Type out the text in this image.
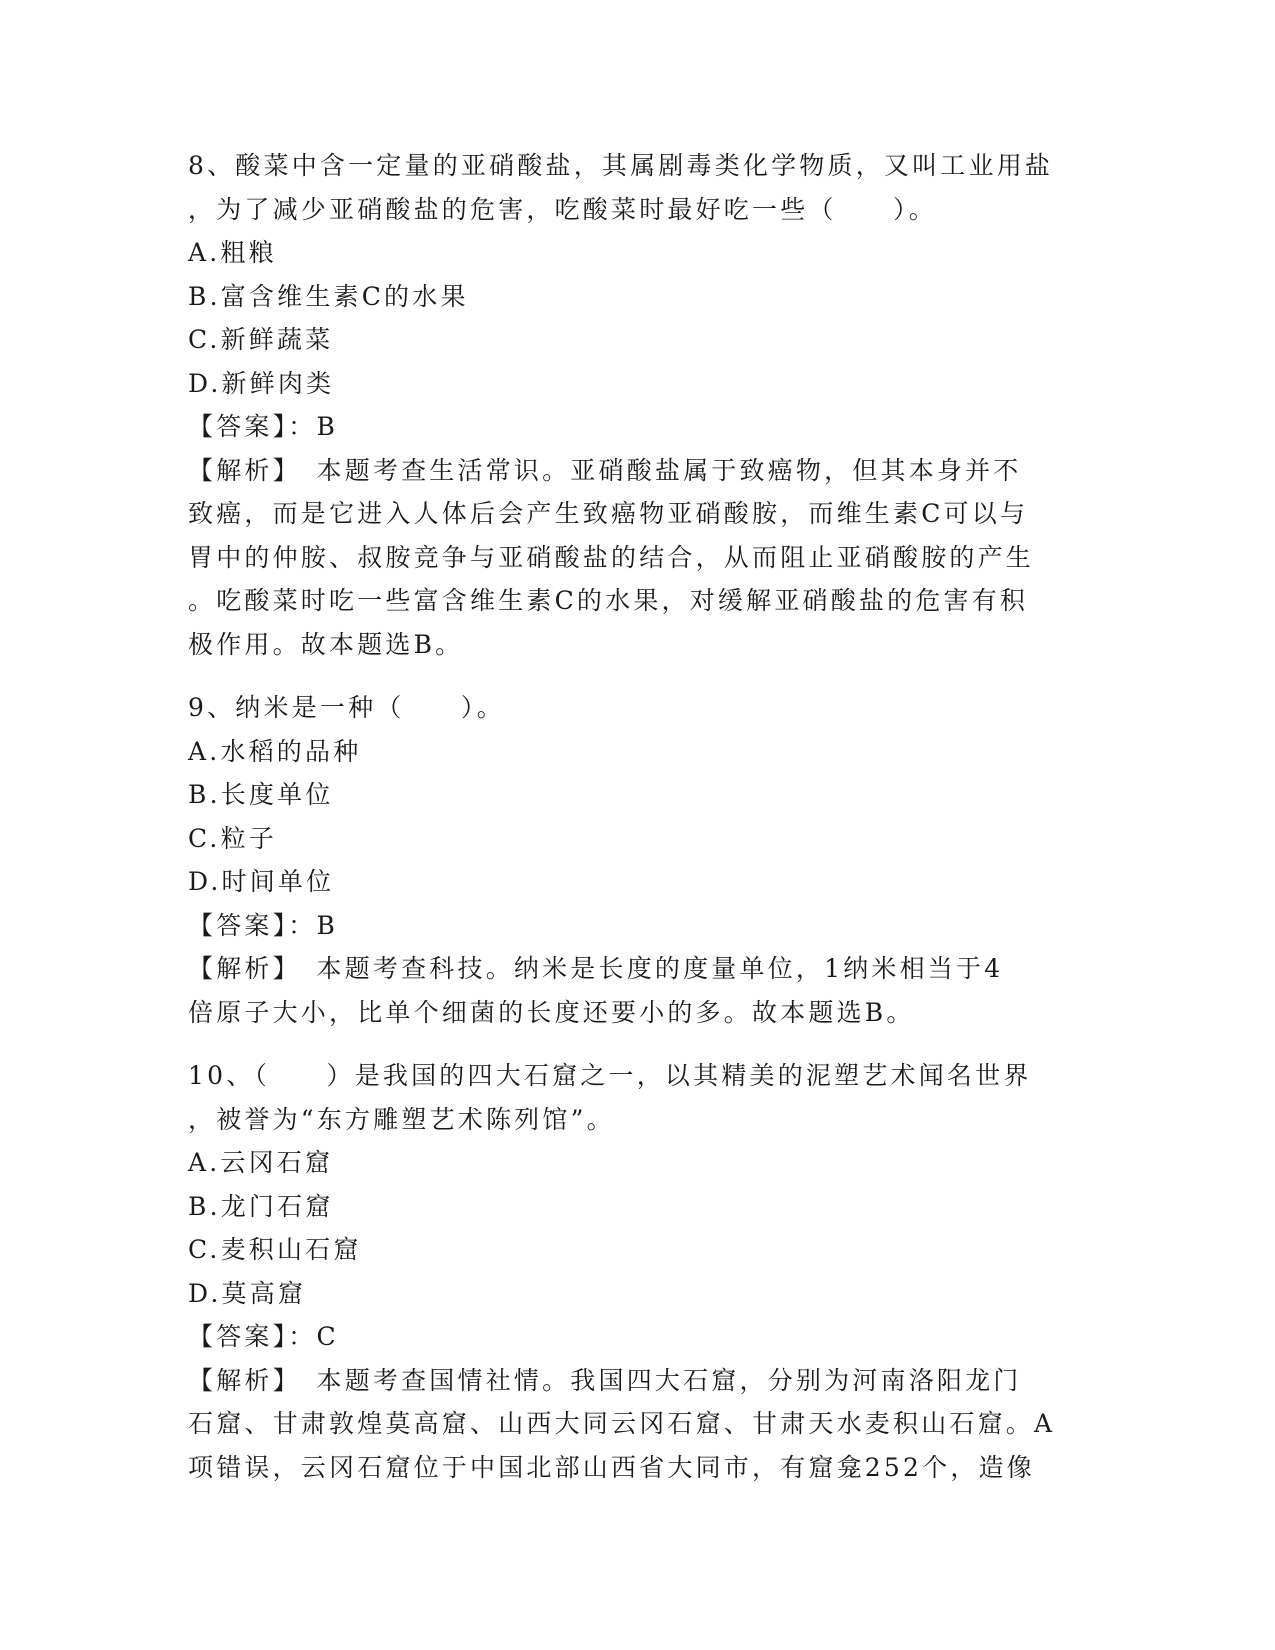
8、酸菜中含一定量的亚硝酸盐，其属剧毒类化学物质，又叫工业用盐

，为了减少亚硝酸盐的危害，吃酸菜时最好吃一些（　　）。

A.粗粮

B.富含维生素C的水果

C.新鲜蔬菜

D.新鲜肉类

【答案】：B

【解析】　本题考查生活常识。亚硝酸盐属于致癌物，但其本身并不

致癌，而是它进入人体后会产生致癌物亚硝酸胺，而维生素C可以与

胃中的仲胺、叔胺竞争与亚硝酸盐的结合，从而阻止亚硝酸胺的产生

。吃酸菜时吃一些富含维生素C的水果，对缓解亚硝酸盐的危害有积

极作用。故本题选B。

9、纳米是一种（　　）。

A.水稻的品种

B.长度单位

C.粒子

D.时间单位

【答案】：B

【解析】　本题考查科技。纳米是长度的度量单位，1纳米相当于4

倍原子大小，比单个细菌的长度还要小的多。故本题选B。

10、（　　）是我国的四大石窟之一，以其精美的泥塑艺术闻名世界

，被誉为“东方雕塑艺术陈列馆”。

A.云冈石窟

B.龙门石窟

C.麦积山石窟

D.莫高窟

【答案】：C

【解析】　本题考查国情社情。我国四大石窟，分别为河南洛阳龙门

石窟、甘肃敦煌莫高窟、山西大同云冈石窟、甘肃天水麦积山石窟。A

项错误，云冈石窟位于中国北部山西省大同市，有窟龛252个，造像
